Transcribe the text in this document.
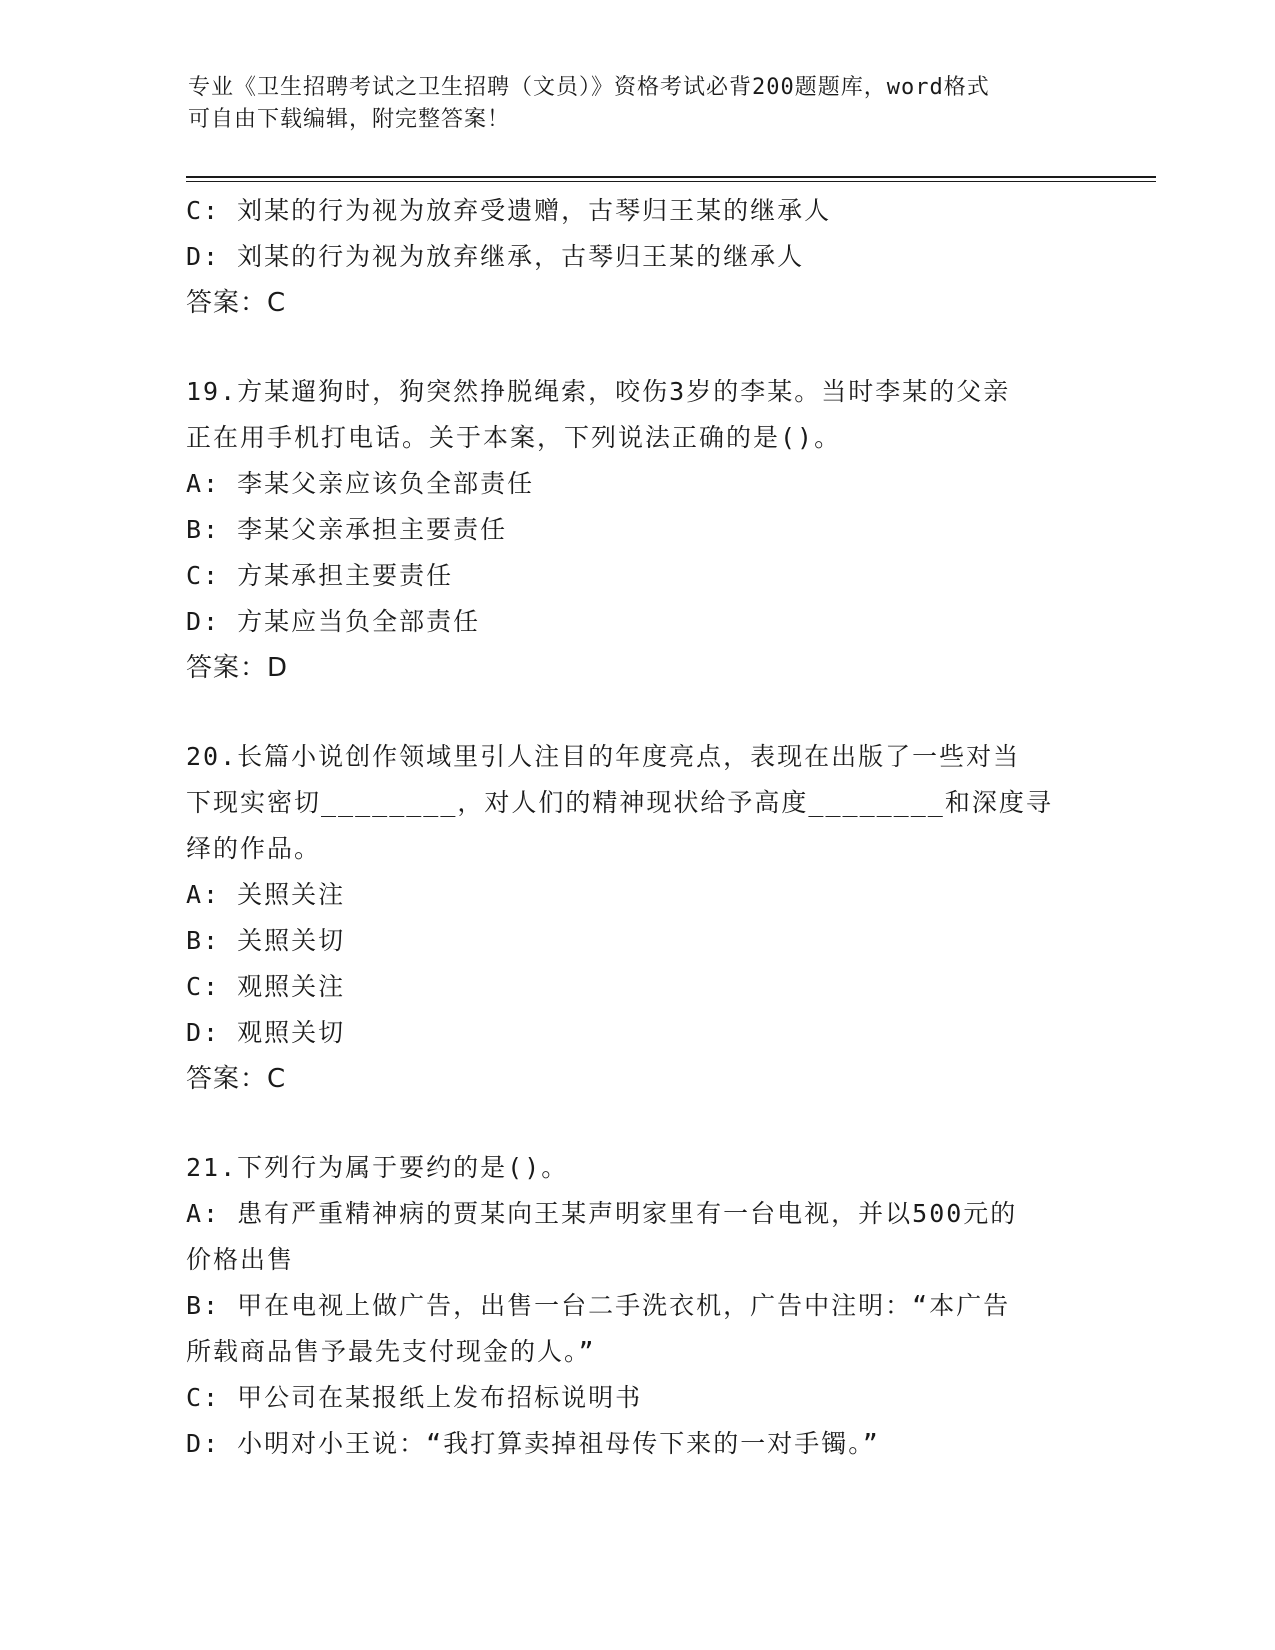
专业《卫生招聘考试之卫生招聘（文员）》资格考试必背200题题库，word格式
可自由下载编辑，附完整答案！
C: 刘某的行为视为放弃受遗赠，古琴归王某的继承人
D: 刘某的行为视为放弃继承，古琴归王某的继承人
答案：C
19.方某遛狗时，狗突然挣脱绳索，咬伤3岁的李某。当时李某的父亲
正在用手机打电话。关于本案，下列说法正确的是()。
A: 李某父亲应该负全部责任
B: 李某父亲承担主要责任
C: 方某承担主要责任
D: 方某应当负全部责任
答案：D
20.长篇小说创作领域里引人注目的年度亮点，表现在出版了一些对当
下现实密切________，对人们的精神现状给予高度________和深度寻
绎的作品。
A: 关照关注
B: 关照关切
C: 观照关注
D: 观照关切
答案：C
21.下列行为属于要约的是()。
A: 患有严重精神病的贾某向王某声明家里有一台电视，并以500元的
价格出售
B: 甲在电视上做广告，出售一台二手洗衣机，广告中注明：“本广告
所载商品售予最先支付现金的人。”
C: 甲公司在某报纸上发布招标说明书
D: 小明对小王说：“我打算卖掉祖母传下来的一对手镯。”
